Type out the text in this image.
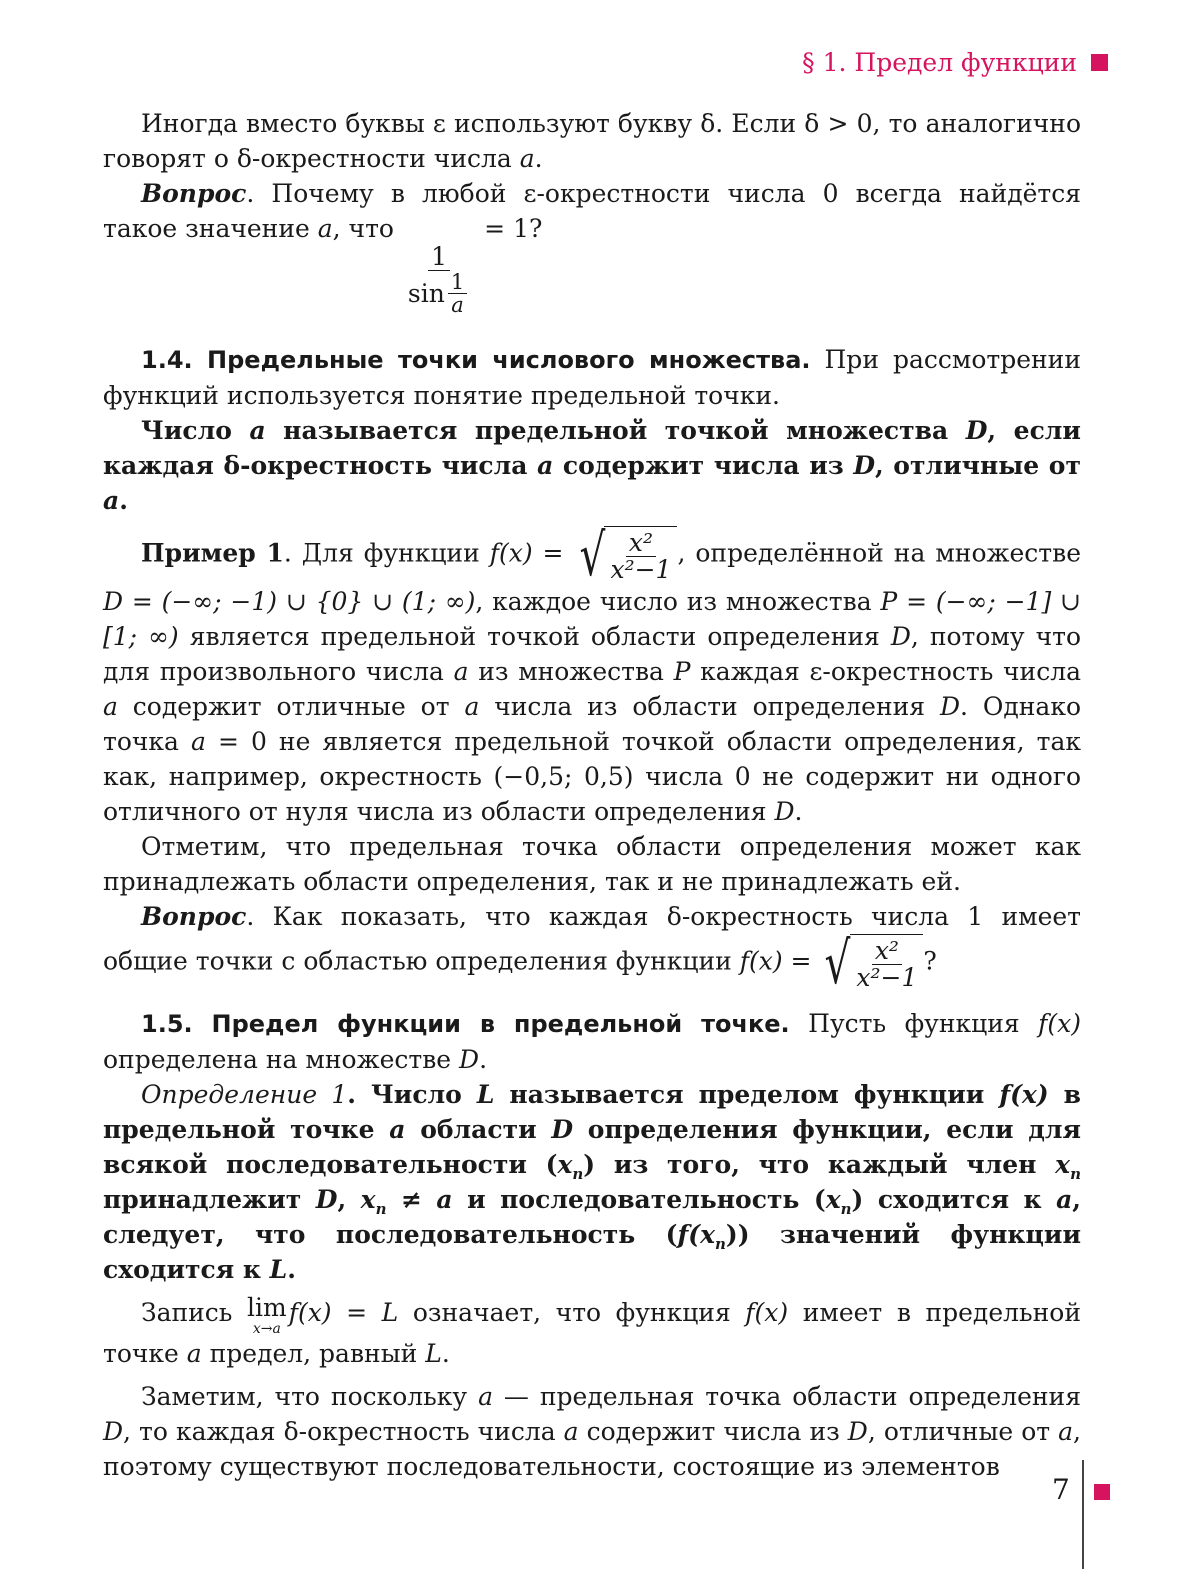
§ 1. Предел функции

Иногда вместо буквы ε используют букву δ. Если δ > 0, то аналогично говорят о δ-окрестности числа a.

Вопрос. Почему в любой ε-окрестности числа 0 всегда найдётся такое значение a, что
1
sin 1
a
= 1?

1.4. Предельные точки числового множества. При рассмотрении функций используется понятие предельной точки.

Число a называется предельной точкой множества D, если каждая δ-окрестность числа a содержит числа из D, отличные от a.

Пример 1. Для функции f(x) = √ x²
x²−1
, определённой на множестве D = (−∞; −1) ∪ {0} ∪ (1; ∞), каждое число из множества P = (−∞; −1] ∪ [1; ∞) является предельной точкой области определения D, потому что для произвольного числа a из множества P каждая ε-окрестность числа a содержит отличные от a числа из области определения D. Однако точка a = 0 не является предельной точкой области определения, так как, например, окрестность (−0,5; 0,5) числа 0 не содержит ни одного отличного от нуля числа из области определения D.

Отметим, что предельная точка области определения может как принадлежать области определения, так и не принадлежать ей.

Вопрос. Как показать, что каждая δ-окрестность числа 1 имеет общие точки с областью определения функции f(x) = √ x²
x²−1
?

1.5. Предел функции в предельной точке. Пусть функция f(x) определена на множестве D.

Определение 1. Число L называется пределом функции f(x) в предельной точке a области D определения функции, если для всякой последовательности (xn) из того, что каждый член xn принадлежит D, xn ≠ a и последовательность (xn) сходится к a, следует, что последовательность (f(xn)) значений функции сходится к L.

Запись lim
x→a
f(x) = L означает, что функция f(x) имеет в предельной точке a предел, равный L.

Заметим, что поскольку a — предельная точка области определения D, то каждая δ-окрестность числа a содержит числа из D, отличные от a, поэтому существуют последовательности, состоящие из элементов

7
